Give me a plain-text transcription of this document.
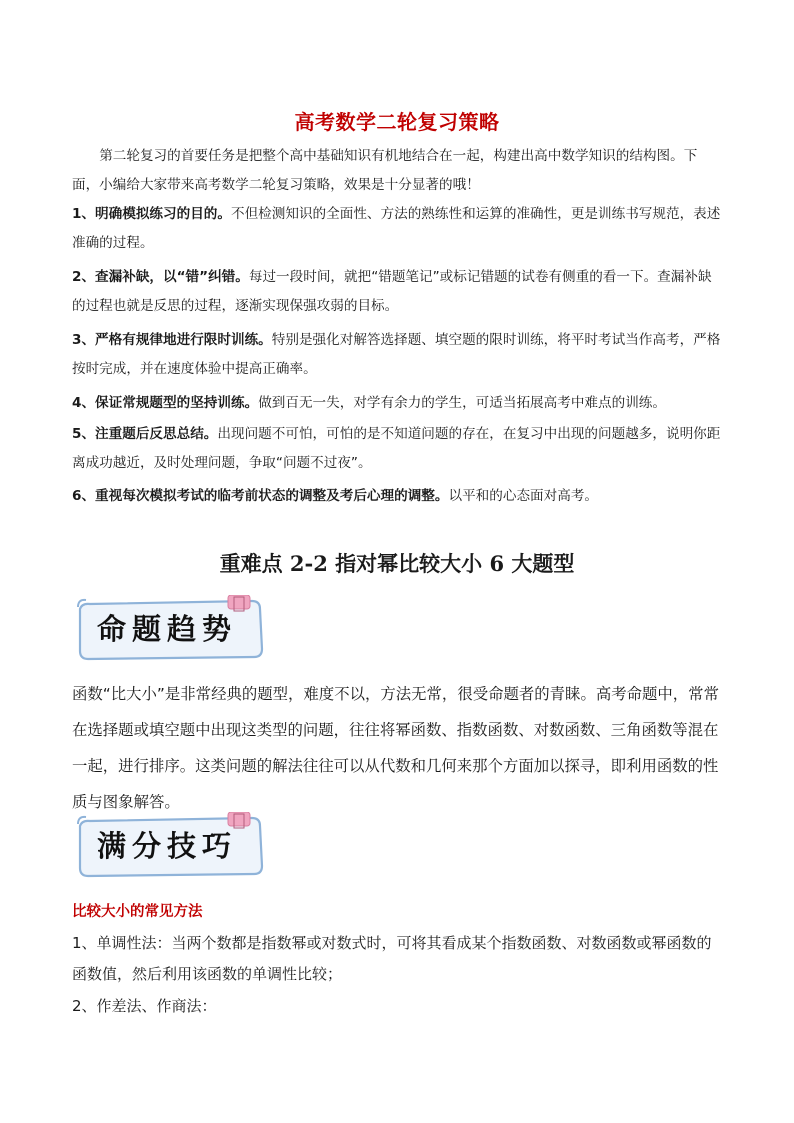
高考数学二轮复习策略
第二轮复习的首要任务是把整个高中基础知识有机地结合在一起，构建出高中数学知识的结构图。下面，小编给大家带来高考数学二轮复习策略，效果是十分显著的哦！
1、明确模拟练习的目的。不但检测知识的全面性、方法的熟练性和运算的准确性，更是训练书写规范，表述准确的过程。
2、查漏补缺，以“错”纠错。每过一段时间，就把“错题笔记”或标记错题的试卷有侧重的看一下。查漏补缺的过程也就是反思的过程，逐渐实现保强攻弱的目标。
3、严格有规律地进行限时训练。特别是强化对解答选择题、填空题的限时训练，将平时考试当作高考，严格按时完成，并在速度体验中提高正确率。
4、保证常规题型的坚持训练。做到百无一失，对学有余力的学生，可适当拓展高考中难点的训练。
5、注重题后反思总结。出现问题不可怕，可怕的是不知道问题的存在，在复习中出现的问题越多，说明你距离成功越近，及时处理问题，争取“问题不过夜”。
6、重视每次模拟考试的临考前状态的调整及考后心理的调整。以平和的心态面对高考。
重难点 2-2 指对幂比较大小 6 大题型
命题趋势
函数“比大小”是非常经典的题型，难度不以，方法无常，很受命题者的青睐。高考命题中，常常在选择题或填空题中出现这类型的问题，往往将幂函数、指数函数、对数函数、三角函数等混在一起，进行排序。这类问题的解法往往可以从代数和几何来那个方面加以探寻，即利用函数的性质与图象解答。
满分技巧
比较大小的常见方法
1、单调性法：当两个数都是指数幂或对数式时，可将其看成某个指数函数、对数函数或幂函数的函数值，然后利用该函数的单调性比较；
2、作差法、作商法：
